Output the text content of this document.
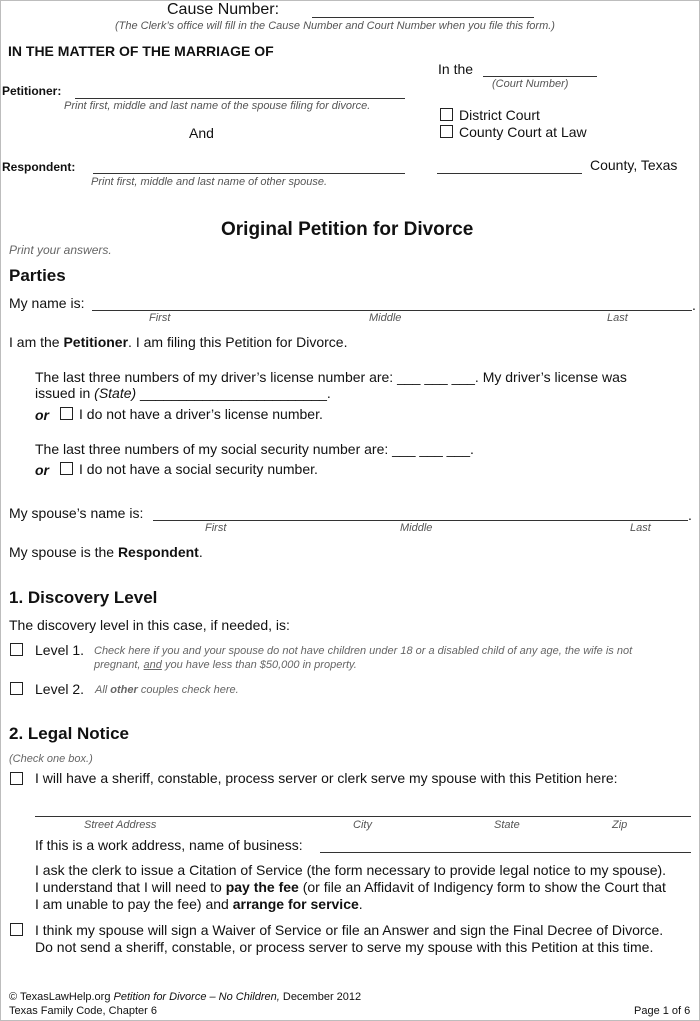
Cause Number:
(The Clerk’s office will fill in the Cause Number and Court Number when you file this form.)
IN THE MATTER OF THE MARRIAGE OF
In the
(Court Number)
Petitioner:
Print first, middle and last name of the spouse filing for divorce.
District Court
County Court at Law
And
Respondent:
Print first, middle and last name of other spouse.
County, Texas
Original Petition for Divorce
Print your answers.
Parties
My name is:	.
First	Middle	Last
I am the Petitioner. I am filing this Petition for Divorce.
The last three numbers of my driver’s license number are: ___ ___ ___. My driver’s license was
issued in (State) ________________________.
or I do not have a driver’s license number.
The last three numbers of my social security number are: ___ ___ ___.
or I do not have a social security number.
My spouse’s name is:	.
First	Middle	Last
My spouse is the Respondent.
1. Discovery Level
The discovery level in this case, if needed, is:
Level 1. Check here if you and your spouse do not have children under 18 or a disabled child of any age, the wife is not
pregnant, and you have less than $50,000 in property.
Level 2. All other couples check here.
2. Legal Notice
(Check one box.)
I will have a sheriff, constable, process server or clerk serve my spouse with this Petition here:
Street Address	City	State	Zip
If this is a work address, name of business:
I ask the clerk to issue a Citation of Service (the form necessary to provide legal notice to my spouse).
I understand that I will need to pay the fee (or file an Affidavit of Indigency form to show the Court that
I am unable to pay the fee) and arrange for service.
I think my spouse will sign a Waiver of Service or file an Answer and sign the Final Decree of Divorce.
Do not send a sheriff, constable, or process server to serve my spouse with this Petition at this time.
© TexasLawHelp.org Petition for Divorce – No Children, December 2012
Texas Family Code, Chapter 6	Page 1 of 6
